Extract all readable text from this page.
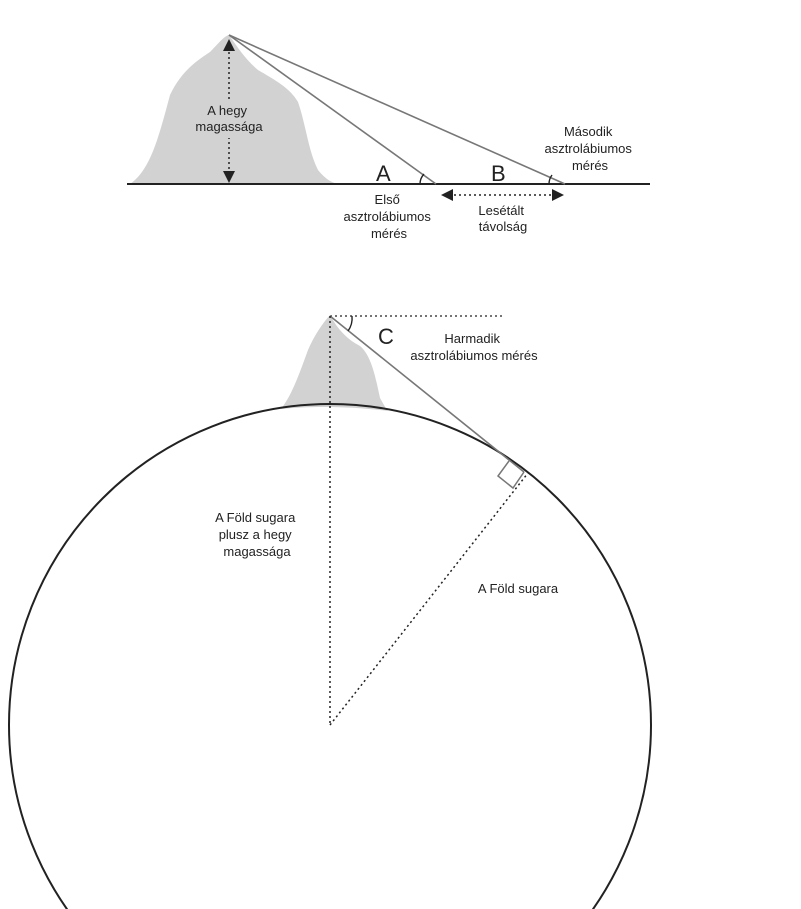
A hegy magassága
A	B
Első asztrolábiumos mérés
Második asztrolábiumos mérés
Lesétált távolság
C	Harmadik asztrolábiumos mérés
A Föld sugara plusz a hegy magassága
A Föld sugara
